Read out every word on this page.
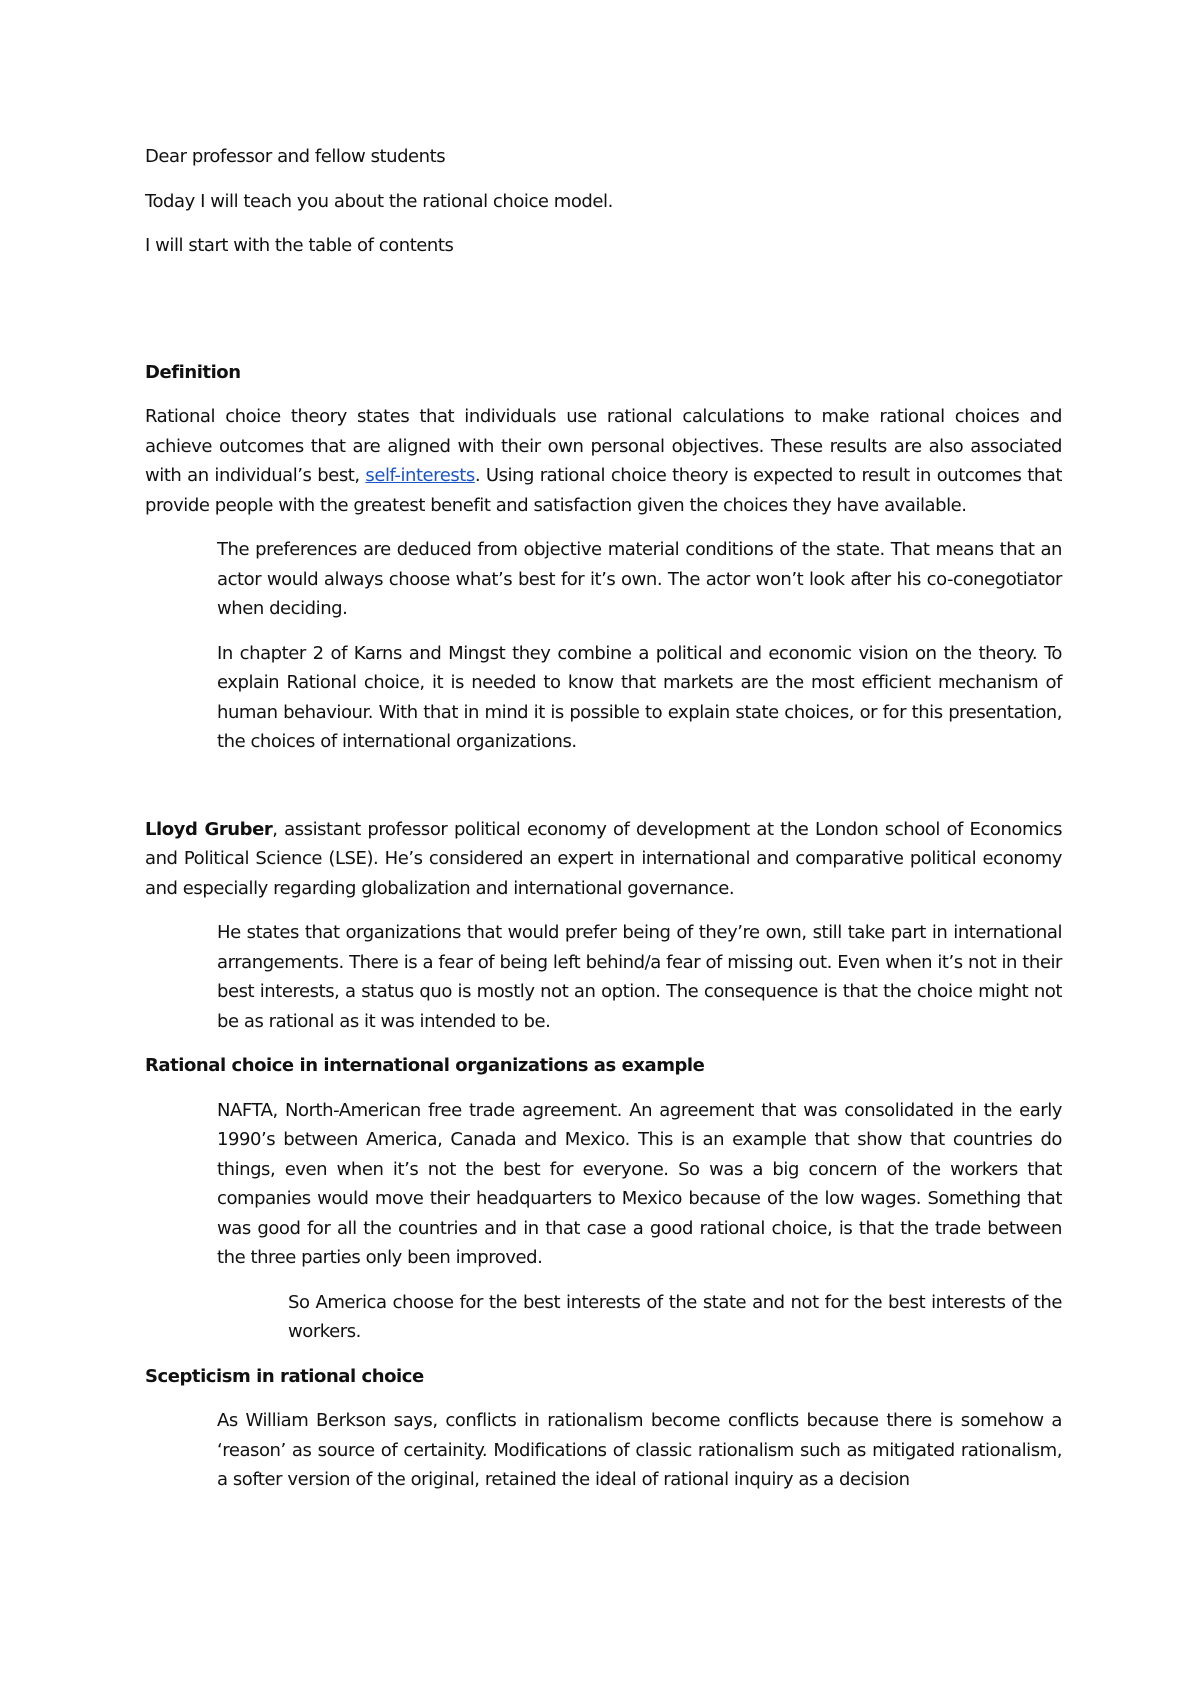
Dear professor and fellow students

Today I will teach you about the rational choice model.

I will start with the table of contents

Definition

Rational choice theory states that individuals use rational calculations to make rational choices and achieve outcomes that are aligned with their own personal objectives. These results are also associated with an individual’s best, self-interests. Using rational choice theory is expected to result in outcomes that provide people with the greatest benefit and satisfaction given the choices they have available.

The preferences are deduced from objective material conditions of the state. That means that an actor would always choose what’s best for it’s own. The actor won’t look after his co-conegotiator when deciding.

In chapter 2 of Karns and Mingst they combine a political and economic vision on the theory. To explain Rational choice, it is needed to know that markets are the most efficient mechanism of human behaviour. With that in mind it is possible to explain state choices, or for this presentation, the choices of international organizations.

Lloyd Gruber, assistant professor political economy of development at the London school of Economics and Political Science (LSE). He’s considered an expert in international and comparative political economy and especially regarding globalization and international governance.

He states that organizations that would prefer being of they’re own, still take part in international arrangements. There is a fear of being left behind/a fear of missing out. Even when it’s not in their best interests, a status quo is mostly not an option. The consequence is that the choice might not be as rational as it was intended to be.

Rational choice in international organizations as example

NAFTA, North-American free trade agreement. An agreement that was consolidated in the early 1990’s between America, Canada and Mexico. This is an example that show that countries do things, even when it’s not the best for everyone. So was a big concern of the workers that companies would move their headquarters to Mexico because of the low wages. Something that was good for all the countries and in that case a good rational choice, is that the trade between the three parties only been improved.

So America choose for the best interests of the state and not for the best interests of the workers.

Scepticism in rational choice

As William Berkson says, conflicts in rationalism become conflicts because there is somehow a ‘reason’ as source of certainity. Modifications of classic rationalism such as mitigated rationalism, a softer version of the original, retained the ideal of rational inquiry as a decision
